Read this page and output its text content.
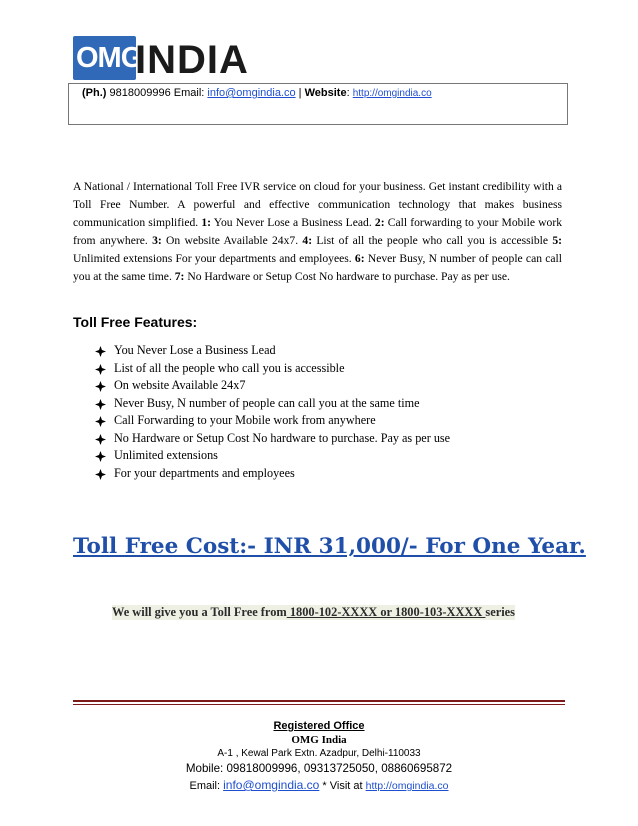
OMG
INDIA
(Ph.) 9818009996 Email: info@omgindia.co | Website: http://omgindia.co
A National / International Toll Free IVR service on cloud for your business. Get instant credibility with a Toll Free Number. A powerful and effective communication technology that makes business communication simplified. 1: You Never Lose a Business Lead. 2: Call forwarding to your Mobile work from anywhere. 3: On website Available 24x7. 4: List of all the people who call you is accessible 5: Unlimited extensions For your departments and employees. 6: Never Busy, N number of people can call you at the same time. 7: No Hardware or Setup Cost No hardware to purchase. Pay as per use.
Toll Free Features:
You Never Lose a Business Lead
List of all the people who call you is accessible
On website Available 24x7
Never Busy, N number of people can call you at the same time
Call Forwarding to your Mobile work from anywhere
No Hardware or Setup Cost No hardware to purchase. Pay as per use
Unlimited extensions
For your departments and employees
Toll Free Cost:- INR 31,000/- For One Year.
We will give you a Toll Free from 1800-102-XXXX or 1800-103-XXXX series
Registered Office
OMG India
A-1 , Kewal Park Extn. Azadpur, Delhi-110033
Mobile: 09818009996, 09313725050, 08860695872
Email: info@omgindia.co * Visit at http://omgindia.co
